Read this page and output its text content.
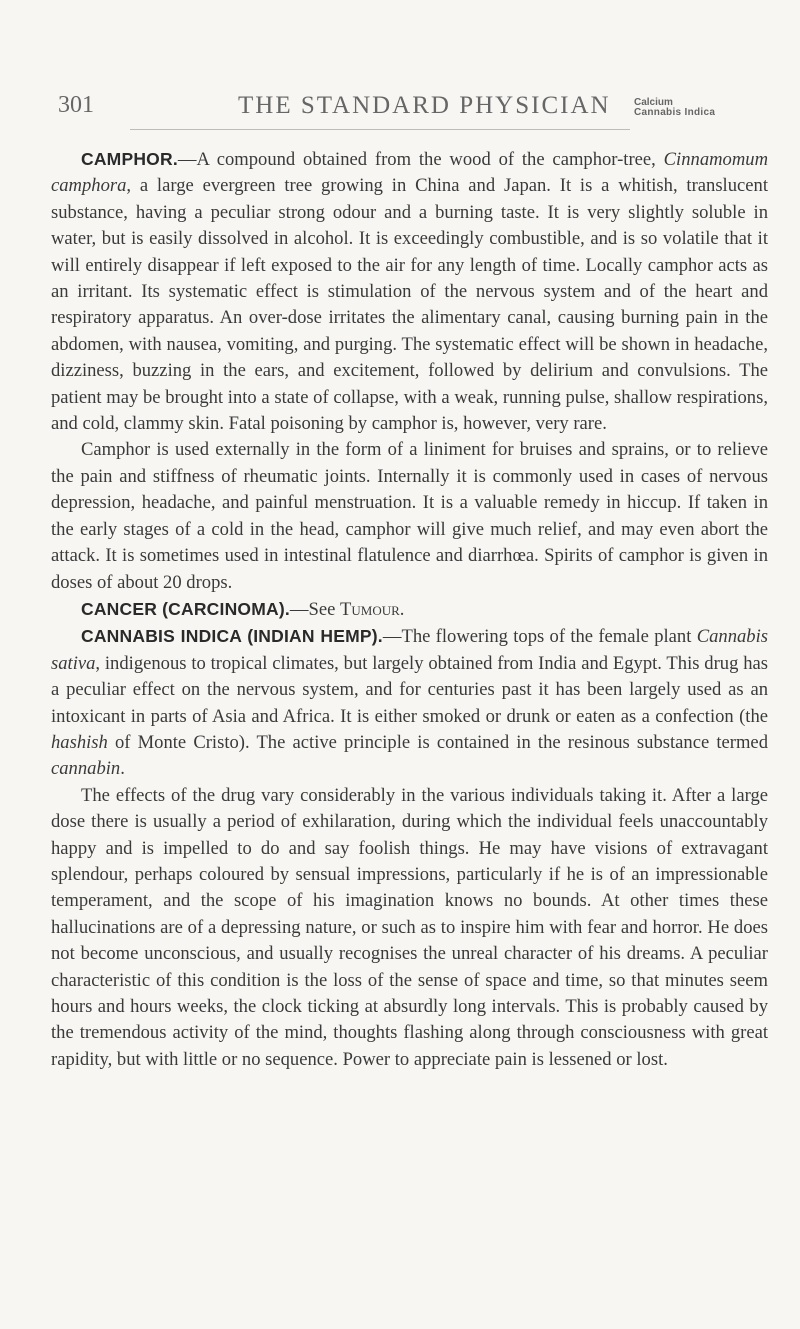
301	THE STANDARD PHYSICIAN Calcium
Cannabis Indica

CAMPHOR.—A compound obtained from the wood of the camphor-tree, Cinnamomum camphora, a large evergreen tree growing in China and Japan. It is a whitish, translucent substance, having a peculiar strong odour and a burning taste. It is very slightly soluble in water, but is easily dissolved in alcohol. It is exceedingly combustible, and is so volatile that it will entirely disappear if left exposed to the air for any length of time. Locally camphor acts as an irritant. Its systematic effect is stimulation of the nervous system and of the heart and respiratory apparatus. An over-dose irritates the alimentary canal, causing burning pain in the abdomen, with nausea, vomiting, and purging. The systematic effect will be shown in headache, dizziness, buzzing in the ears, and excitement, followed by delirium and convulsions. The patient may be brought into a state of collapse, with a weak, running pulse, shallow respirations, and cold, clammy skin. Fatal poisoning by camphor is, however, very rare.

Camphor is used externally in the form of a liniment for bruises and sprains, or to relieve the pain and stiffness of rheumatic joints. Internally it is commonly used in cases of nervous depression, headache, and painful menstruation. It is a valuable remedy in hiccup. If taken in the early stages of a cold in the head, camphor will give much relief, and may even abort the attack. It is sometimes used in intestinal flatulence and diarrhœa. Spirits of camphor is given in doses of about 20 drops.

CANCER (CARCINOMA).—See Tumour.

CANNABIS INDICA (INDIAN HEMP).—The flowering tops of the female plant Cannabis sativa, indigenous to tropical climates, but largely obtained from India and Egypt. This drug has a peculiar effect on the nervous system, and for centuries past it has been largely used as an intoxicant in parts of Asia and Africa. It is either smoked or drunk or eaten as a confection (the hashish of Monte Cristo). The active principle is contained in the resinous substance termed cannabin.

The effects of the drug vary considerably in the various individuals taking it. After a large dose there is usually a period of exhilaration, during which the individual feels unaccountably happy and is impelled to do and say foolish things. He may have visions of extravagant splendour, perhaps coloured by sensual impressions, particularly if he is of an impressionable temperament, and the scope of his imagination knows no bounds. At other times these hallucinations are of a depressing nature, or such as to inspire him with fear and horror. He does not become unconscious, and usually recognises the unreal character of his dreams. A peculiar characteristic of this condition is the loss of the sense of space and time, so that minutes seem hours and hours weeks, the clock ticking at absurdly long intervals. This is probably caused by the tremendous activity of the mind, thoughts flashing along through consciousness with great rapidity, but with little or no sequence. Power to appreciate pain is lessened or lost.
